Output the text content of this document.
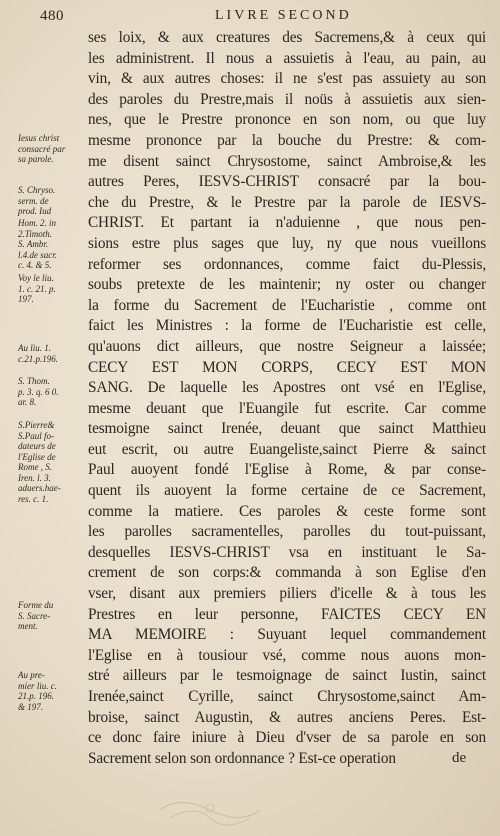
480	LIVRE SECOND
Iesus christ
consacré par
sa parole.
S. Chryso.
serm. de
prod. Iud
Hom. 2. in
2.Timoth.
S. Ambr.
l.4.de sacr.
c. 4. & 5.
Voy le liu.
1. c. 21. p.
197.
Au liu. 1.
c.21.p.196.
S. Thom.
p. 3. q. 6 0.
ar. 8.
S.Pierre&
S.Paul fo-
dateurs de
l'Eglise de
Rome , S.
Iren. l. 3.
aduers.hae-
res. c. 1.
Forme du
S. Sacre-
ment.
Au pre-
mier liu. c.
21.p. 196.
& 197.
ses loix, & aux creatures des Sacremens,& à ceux qui
les administrent. Il nous a assuietis à l'eau, au pain, au
vin, & aux autres choses: il ne s'est pas assuiety au son
des paroles du Prestre,mais il noüs à assuietis aux sien-
nes, que le Prestre prononce en son nom, ou que luy
mesme prononce par la bouche du Prestre: & com-
me disent sainct Chrysostome, sainct Ambroise,& les
autres Peres, IESVS-CHRIST consacré par la bou-
che du Prestre, & le Prestre par la parole de IESVS-
CHRIST. Et partant ia n'aduienne , que nous pen-
sions estre plus sages que luy, ny que nous vueillons
reformer ses ordonnances, comme faict du-Plessis,
soubs pretexte de les maintenir; ny oster ou changer
la forme du Sacrement de l'Eucharistie , comme ont
faict les Ministres : la forme de l'Eucharistie est celle,
qu'auons dict ailleurs, que nostre Seigneur a laissée;
CECY EST MON CORPS, CECY EST MON
SANG. De laquelle les Apostres ont vsé en l'Eglise,
mesme deuant que l'Euangile fut escrite. Car comme
tesmoigne sainct Irenée, deuant que sainct Matthieu
eut escrit, ou autre Euangeliste,sainct Pierre & sainct
Paul auoyent fondé l'Eglise à Rome, & par conse-
quent ils auoyent la forme certaine de ce Sacrement,
comme la matiere. Ces paroles & ceste forme sont
les parolles sacramentelles, parolles du tout-puissant,
desquelles IESVS-CHRIST vsa en instituant le Sa-
crement de son corps:& commanda à son Eglise d'en
vser, disant aux premiers piliers d'icelle & à tous les
Prestres en leur personne, FAICTES CECY EN
MA MEMOIRE : Suyuant lequel commandement
l'Eglise en à tousiour vsé, comme nous auons mon-
stré ailleurs par le tesmoignage de sainct Iustin, sainct
Irenée,sainct Cyrille, sainct Chrysostome,sainct Am-
broise, sainct Augustin, & autres anciens Peres. Est-
ce donc faire iniure à Dieu d'vser de sa parole en son
Sacrement selon son ordonnance ? Est-ce operation	de
